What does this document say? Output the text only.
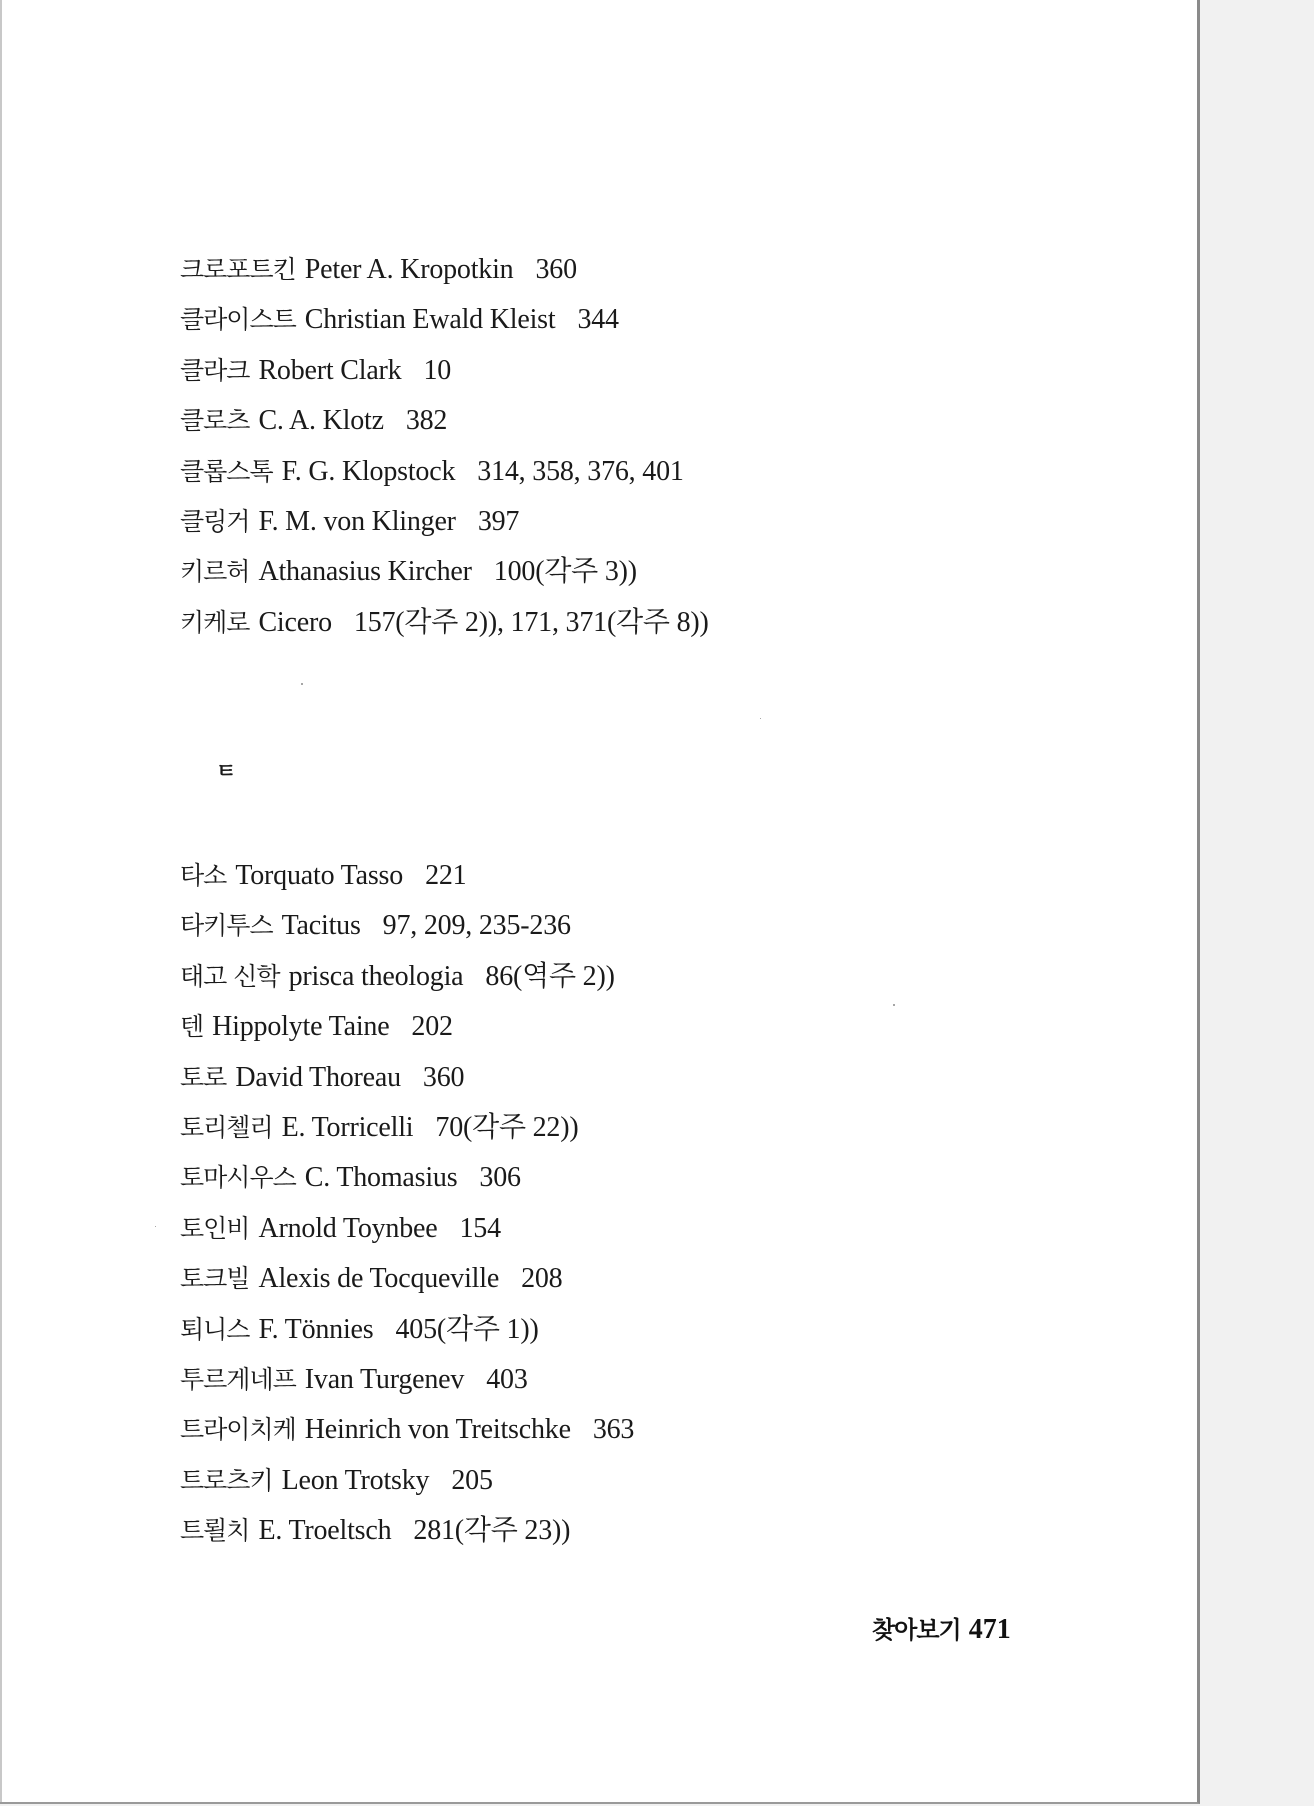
크로포트킨 Peter A. Kropotkin 360
클라이스트 Christian Ewald Kleist 344
클라크 Robert Clark 10
클로츠 C. A. Klotz 382
클롭스톡 F. G. Klopstock 314, 358, 376, 401
클링거 F. M. von Klinger 397
키르허 Athanasius Kircher 100(각주 3))
키케로 Cicero 157(각주 2)), 171, 371(각주 8))
ㅌ
타소 Torquato Tasso 221
타키투스 Tacitus 97, 209, 235-236
태고 신학 prisca theologia 86(역주 2))
텐 Hippolyte Taine 202
토로 David Thoreau 360
토리첼리 E. Torricelli 70(각주 22))
토마시우스 C. Thomasius 306
토인비 Arnold Toynbee 154
토크빌 Alexis de Tocqueville 208
퇴니스 F. Tönnies 405(각주 1))
투르게네프 Ivan Turgenev 403
트라이치케 Heinrich von Treitschke 363
트로츠키 Leon Trotsky 205
트뢸치 E. Troeltsch 281(각주 23))
찾아보기 471
